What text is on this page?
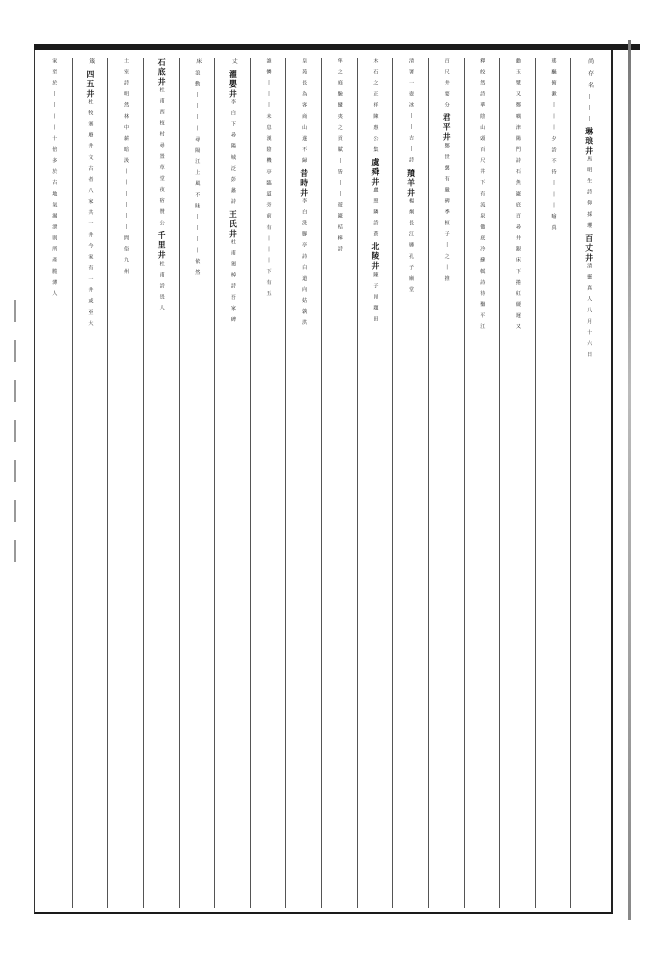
尚存名
丨丨丨
琳琅井
馬明生詩仰採瓔
百丈井
清靈真人八月十六日
瑤䬘俯漱丨丨丨
夕詩不待丨丨丨喻真
勴玉漿又鄭喁津陽門詩石魚巖底百尋井銀床下捲紅綆遲又
釋皎然詩華陰山頭百尺井下有流泉徹底冷蘇軾詩待鑿平江
百尺井要分
君平井
鄭世翼有嚴
碑季桓子丨之丨推
清署一壺冰
丨丨古丨詩
羵羊井
楊炯長江縣孔子廟堂
木石之正祥陳惠公集
虞舜井
盧照隣詩蒼
北陵井
陳子昂題田
隼之庭驗蠻夷之貢賦
丨皆丨丨
遊巖桔槔詩
皇苑長為客商山遂不歸
昔時井
李白洗脚亭詩白道向姑孰洪
誰憐丨丨丨未息漢陰機
亭臨道旁前有丨丨丨下有五
丈
濯嬰井
李白下尋陽城泛彭蠡詩
王氏井
杜甫廻棹詩吾家碑
床
浪動丨丨丨丨尋陽江上風
不昧丨丨丨丨依然
石底井
杜甫西枝村尋置草堂夜宿贊公
千里井
杜甫詩畏人
土室詩明然林中薪暗汲丨丨丨丨
丨丨問俗九州
箴
四五井
杜牧塞廢井文古者八家共一井今家有一井或至大
家至於丨丨丨丨十倍多於古地氣漏泄則所產脆薄人
